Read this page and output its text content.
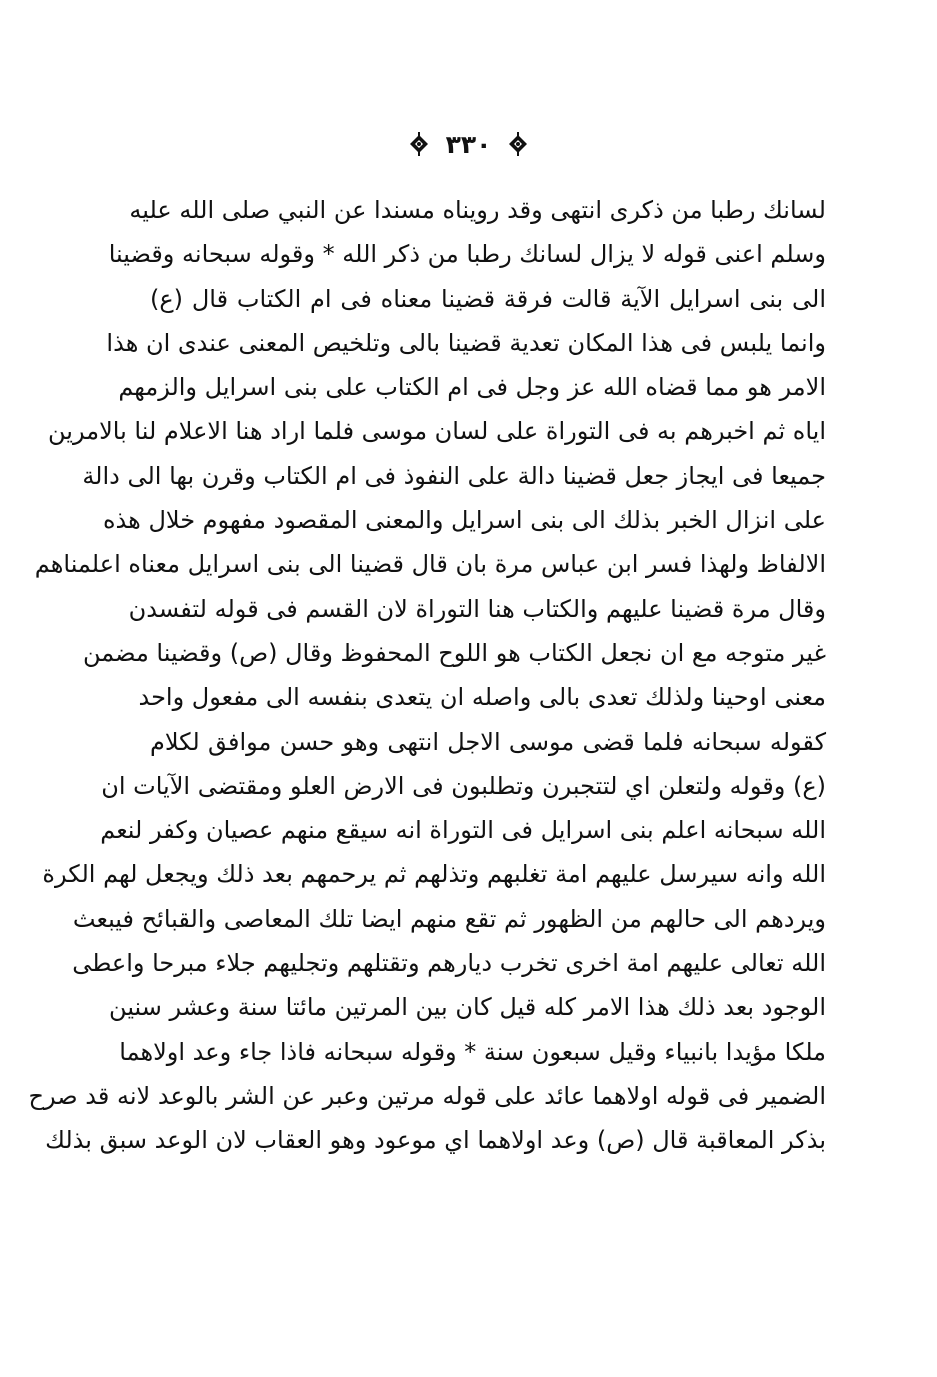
٣٣٠
لسانك رطبا من ذكرى انتهى وقد رويناه مسندا عن النبي صلى الله عليه
وسلم اعنى قوله لا يزال لسانك رطبا من ذكر الله * وقوله سبحانه وقضينا
الى بنى اسرايل الآية قالت فرقة قضينا معناه فى ام الكتاب قال (ع)
وانما يلبس فى هذا المكان تعدية قضينا بالى وتلخيص المعنى عندى ان هذا
الامر هو مما قضاه الله عز وجل فى ام الكتاب على بنى اسرايل والزمهم
اياه ثم اخبرهم به فى التوراة على لسان موسى فلما اراد هنا الاعلام لنا بالامرين
جميعا فى ايجاز جعل قضينا دالة على النفوذ فى ام الكتاب وقرن بها الى دالة
على انزال الخبر بذلك الى بنى اسرايل والمعنى المقصود مفهوم خلال هذه
الالفاظ ولهذا فسر ابن عباس مرة بان قال قضينا الى بنى اسرايل معناه اعلمناهم
وقال مرة قضينا عليهم والكتاب هنا التوراة لان القسم فى قوله لتفسدن
غير متوجه مع ان نجعل الكتاب هو اللوح المحفوظ وقال (ص) وقضينا مضمن
معنى اوحينا ولذلك تعدى بالى واصله ان يتعدى بنفسه الى مفعول واحد
كقوله سبحانه فلما قضى موسى الاجل انتهى وهو حسن موافق لكلام
(ع) وقوله ولتعلن اي لتتجبرن وتطلبون فى الارض العلو ومقتضى الآيات ان
الله سبحانه اعلم بنى اسرايل فى التوراة انه سيقع منهم عصيان وكفر لنعم
الله وانه سيرسل عليهم امة تغلبهم وتذلهم ثم يرحمهم بعد ذلك ويجعل لهم الكرة
ويردهم الى حالهم من الظهور ثم تقع منهم ايضا تلك المعاصى والقبائح فيبعث
الله تعالى عليهم امة اخرى تخرب ديارهم وتقتلهم وتجليهم جلاء مبرحا واعطى
الوجود بعد ذلك هذا الامر كله قيل كان بين المرتين مائتا سنة وعشر سنين
ملكا مؤيدا بانبياء وقيل سبعون سنة * وقوله سبحانه فاذا جاء وعد اولاهما
الضمير فى قوله اولاهما عائد على قوله مرتين وعبر عن الشر بالوعد لانه قد صرح
بذكر المعاقبة قال (ص) وعد اولاهما اي موعود وهو العقاب لان الوعد سبق بذلك
